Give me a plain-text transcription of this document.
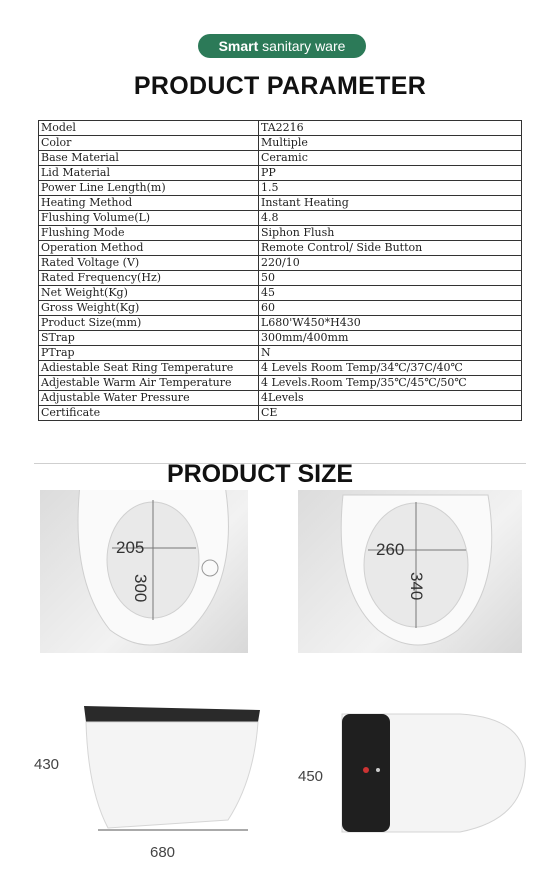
Smart sanitary ware
PRODUCT PARAMETER
Model	TA2216
Color	Multiple
Base Material	Ceramic
Lid Material	PP
Power Line Length(m)	1.5
Heating Method	Instant Heating
Flushing Volume(L)	4.8
Flushing Mode	Siphon Flush
Operation Method	Remote Control/ Side Button
Rated Voltage (V)	220/10
Rated Frequency(Hz)	50
Net Weight(Kg)	45
Gross Weight(Kg)	60
Product Size(mm)	L680'W450*H430
STrap	300mm/400mm
PTrap	N
Adiestable Seat Ring Temperature	4 Levels Room Temp/34℃/37C/40℃
Adjestable Warm Air Temperature	4 Levels.Room Temp/35℃/45℃/50℃
Adjustable Water Pressure	4Levels
Certificate	CE
PRODUCT SIZE
205
300
260
340
430
680
450
